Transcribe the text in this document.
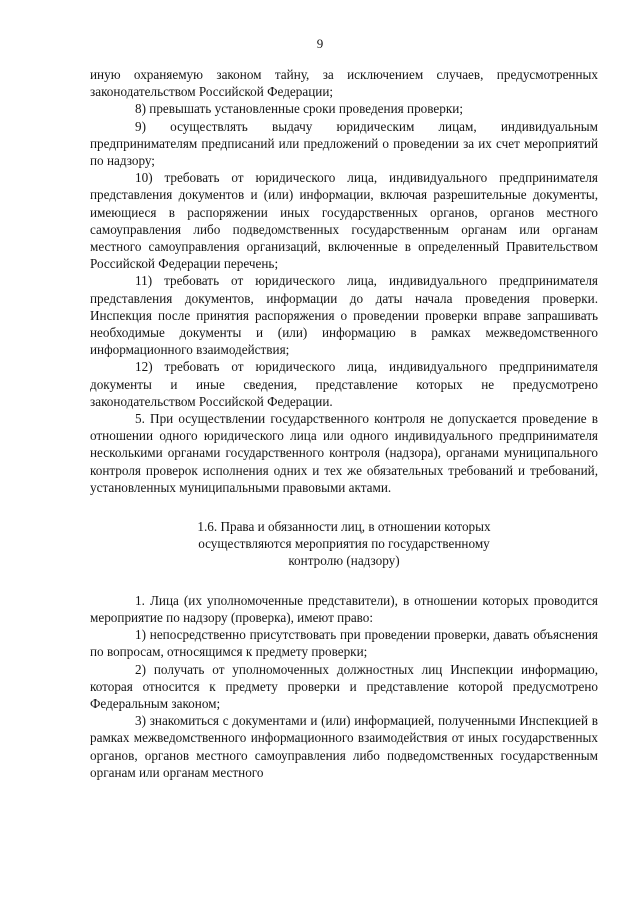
9

иную охраняемую законом тайну, за исключением случаев, предусмотренных законодательством Российской Федерации;

8) превышать установленные сроки проведения проверки;

9) осуществлять выдачу юридическим лицам, индивидуальным предпринимателям предписаний или предложений о проведении за их счет мероприятий по надзору;

10) требовать от юридического лица, индивидуального предпринимателя представления документов и (или) информации, включая разрешительные документы, имеющиеся в распоряжении иных государственных органов, органов местного самоуправления либо подведомственных государственным органам или органам местного самоуправления организаций, включенные в определенный Правительством Российской Федерации перечень;

11) требовать от юридического лица, индивидуального предпринимателя представления документов, информации до даты начала проведения проверки. Инспекция после принятия распоряжения о проведении проверки вправе запрашивать необходимые документы и (или) информацию в рамках межведомственного информационного взаимодействия;

12) требовать от юридического лица, индивидуального предпринимателя документы и иные сведения, представление которых не предусмотрено законодательством Российской Федерации.

5. При осуществлении государственного контроля не допускается проведение в отношении одного юридического лица или одного индивидуального предпринимателя несколькими органами государственного контроля (надзора), органами муниципального контроля проверок исполнения одних и тех же обязательных требований и требований, установленных муниципальными правовыми актами.

1.6. Права и обязанности лиц, в отношении которых
осуществляются мероприятия по государственному
контролю (надзору)

1. Лица (их уполномоченные представители), в отношении которых проводится мероприятие по надзору (проверка), имеют право:

1) непосредственно присутствовать при проведении проверки, давать объяснения по вопросам, относящимся к предмету проверки;

2) получать от уполномоченных должностных лиц Инспекции информацию, которая относится к предмету проверки и представление которой предусмотрено Федеральным законом;

3) знакомиться с документами и (или) информацией, полученными Инспекцией в рамках межведомственного информационного взаимодействия от иных государственных органов, органов местного самоуправления либо подведомственных государственным органам или органам местного
